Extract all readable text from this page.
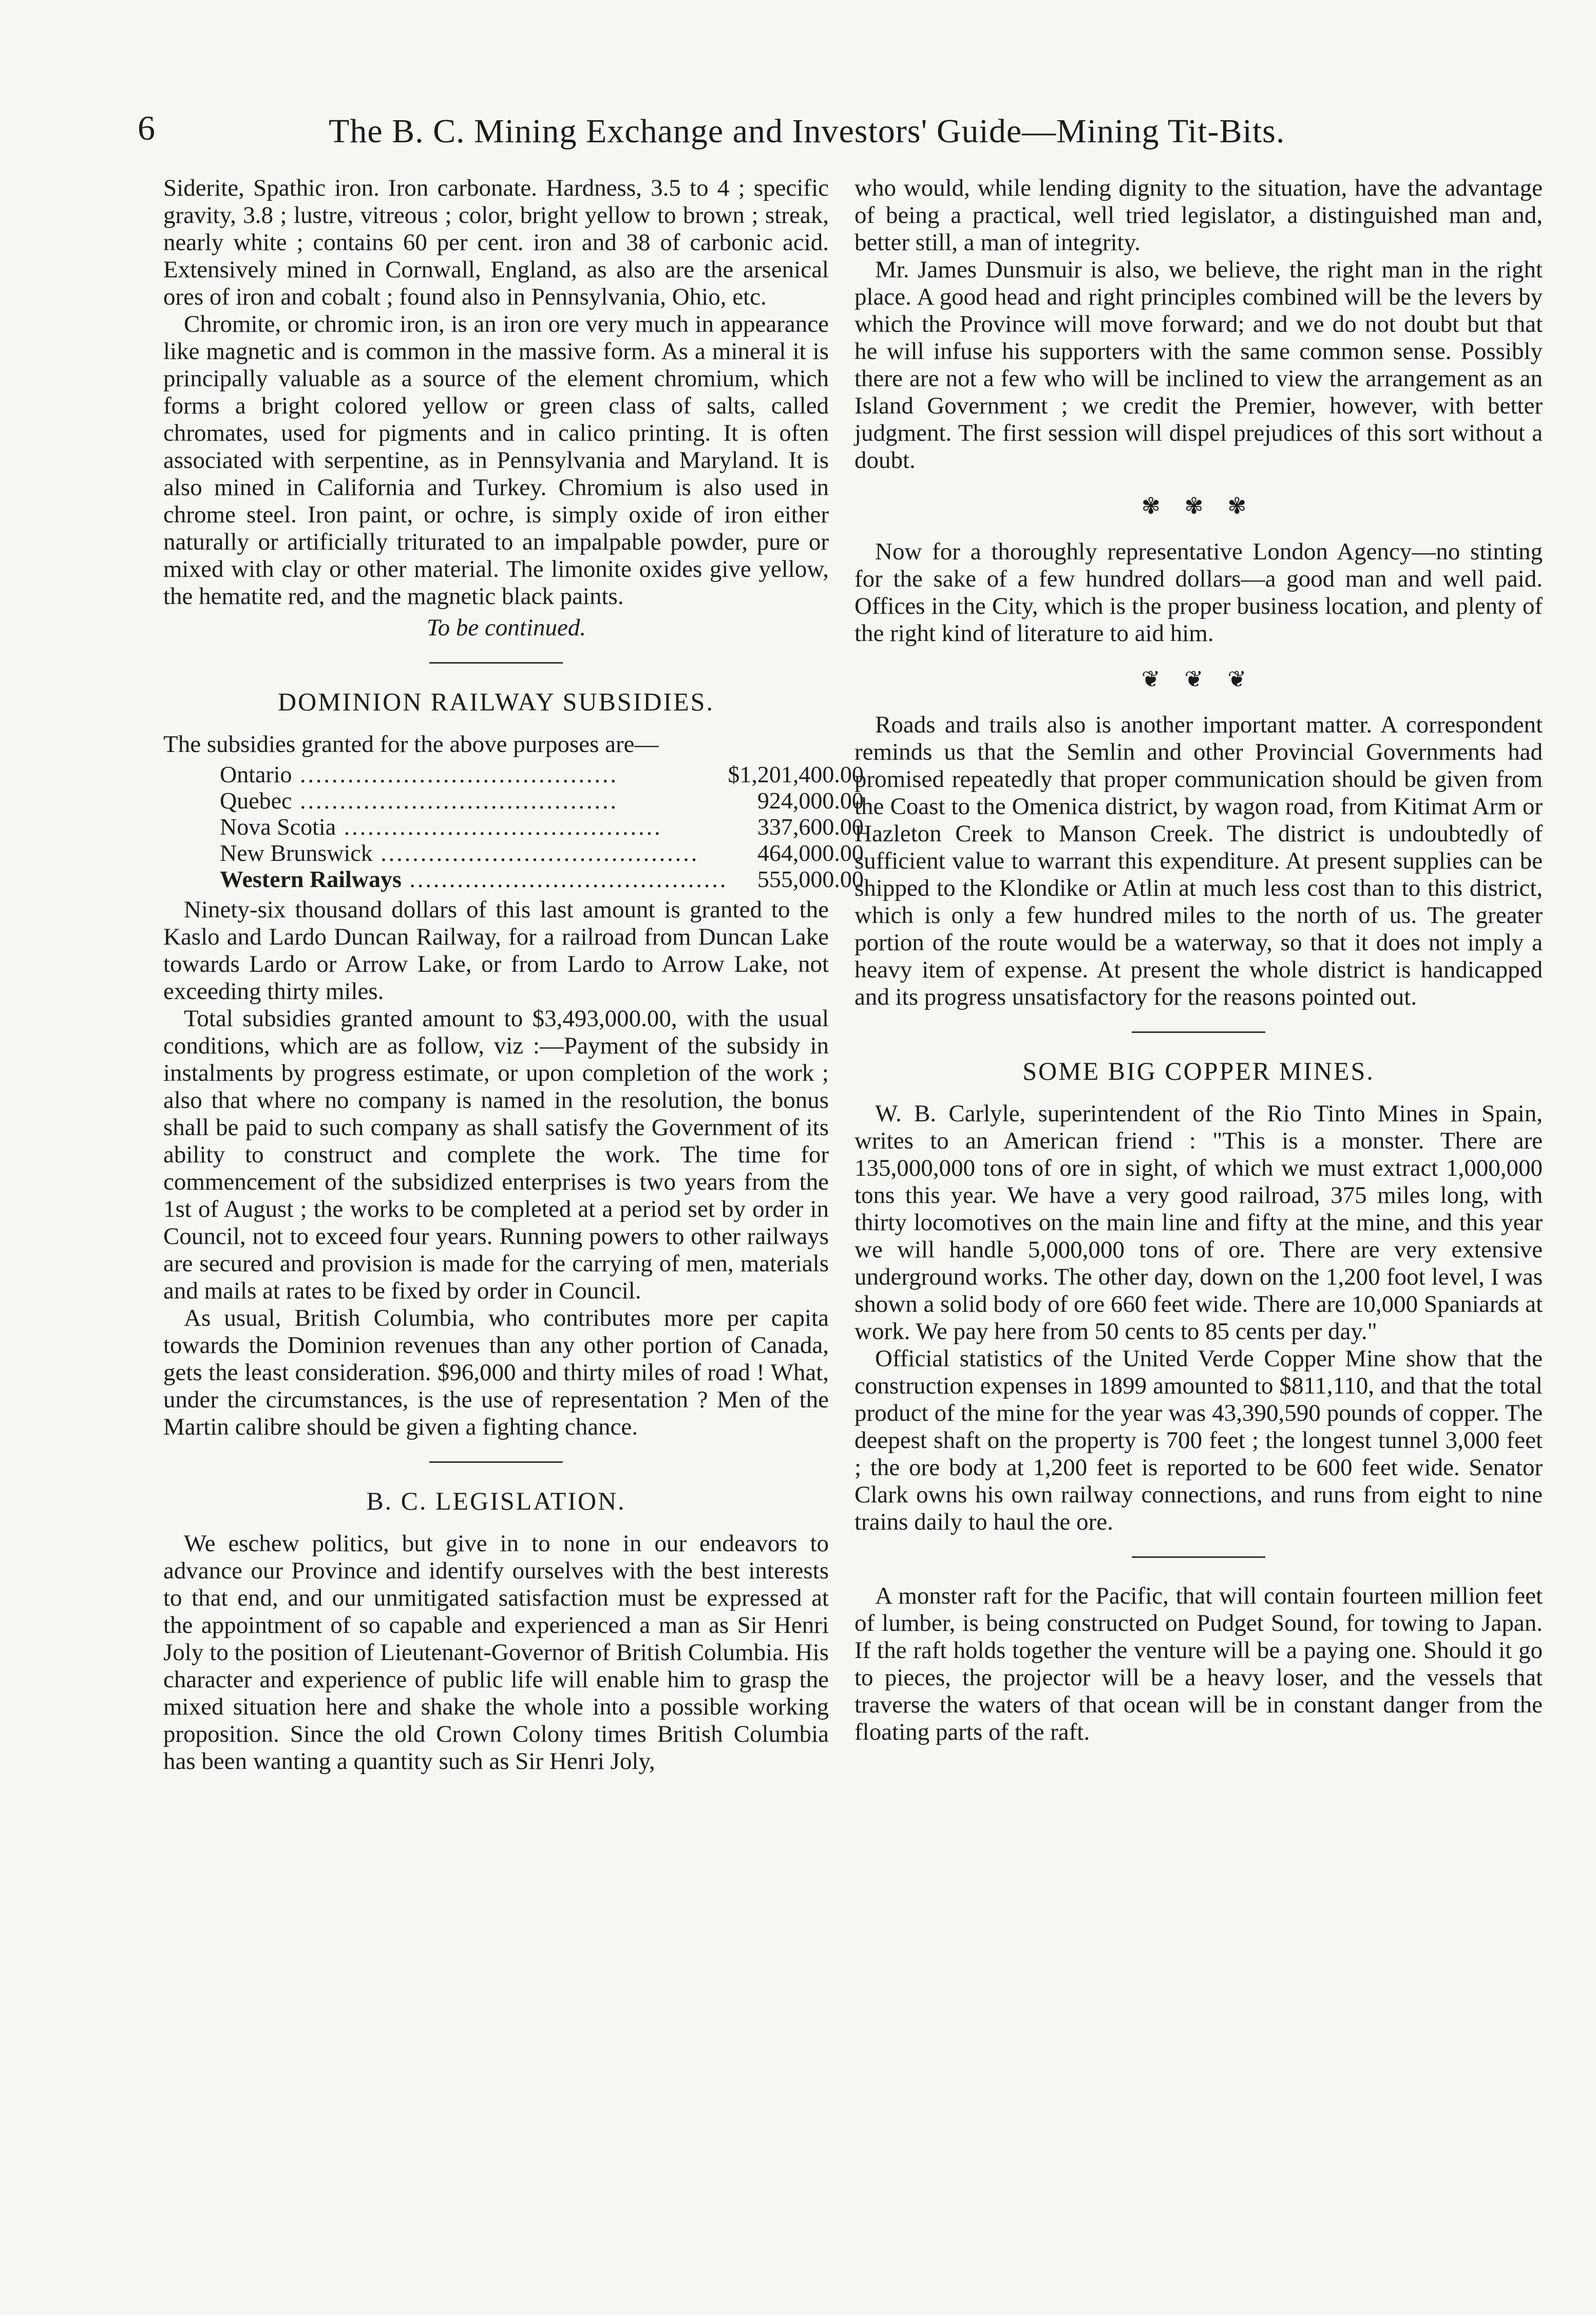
6	The B. C. Mining Exchange and Investors' Guide—Mining Tit-Bits.

Siderite, Spathic iron. Iron carbonate. Hardness, 3.5 to 4 ; specific gravity, 3.8 ; lustre, vitreous ; color, bright yellow to brown ; streak, nearly white ; contains 60 per cent. iron and 38 of carbonic acid. Extensively mined in Cornwall, England, as also are the arsenical ores of iron and cobalt ; found also in Pennsylvania, Ohio, etc.

Chromite, or chromic iron, is an iron ore very much in appearance like magnetic and is common in the massive form. As a mineral it is principally valuable as a source of the element chromium, which forms a bright colored yellow or green class of salts, called chromates, used for pigments and in calico printing. It is often associated with serpentine, as in Pennsylvania and Maryland. It is also mined in California and Turkey. Chromium is also used in chrome steel. Iron paint, or ochre, is simply oxide of iron either naturally or artificially triturated to an impalpable powder, pure or mixed with clay or other material. The limonite oxides give yellow, the hematite red, and the magnetic black paints.

To be continued.

DOMINION RAILWAY SUBSIDIES.

The subsidies granted for the above purposes are—

Ontario ........................................	$1,201,400.00
Quebec ........................................	924,000.00
Nova Scotia ........................................	337,600.00
New Brunswick ........................................	464,000.00
Western Railways ........................................	555,000.00

Ninety-six thousand dollars of this last amount is granted to the Kaslo and Lardo Duncan Railway, for a railroad from Duncan Lake towards Lardo or Arrow Lake, or from Lardo to Arrow Lake, not exceeding thirty miles.

Total subsidies granted amount to $3,493,000.00, with the usual conditions, which are as follow, viz :—Payment of the subsidy in instalments by progress estimate, or upon completion of the work ; also that where no company is named in the resolution, the bonus shall be paid to such company as shall satisfy the Government of its ability to construct and complete the work. The time for commencement of the subsidized enterprises is two years from the 1st of August ; the works to be completed at a period set by order in Council, not to exceed four years. Running powers to other railways are secured and provision is made for the carrying of men, materials and mails at rates to be fixed by order in Council.

As usual, British Columbia, who contributes more per capita towards the Dominion revenues than any other portion of Canada, gets the least consideration. $96,000 and thirty miles of road ! What, under the circumstances, is the use of representation ? Men of the Martin calibre should be given a fighting chance.

B. C. LEGISLATION.

We eschew politics, but give in to none in our endeavors to advance our Province and identify ourselves with the best interests to that end, and our unmitigated satisfaction must be expressed at the appointment of so capable and experienced a man as Sir Henri Joly to the position of Lieutenant-Governor of British Columbia. His character and experience of public life will enable him to grasp the mixed situation here and shake the whole into a possible working proposition. Since the old Crown Colony times British Columbia has been wanting a quantity such as Sir Henri Joly,

who would, while lending dignity to the situation, have the advantage of being a practical, well tried legislator, a distinguished man and, better still, a man of integrity.

Mr. James Dunsmuir is also, we believe, the right man in the right place. A good head and right principles combined will be the levers by which the Province will move forward; and we do not doubt but that he will infuse his supporters with the same common sense. Possibly there are not a few who will be inclined to view the arrangement as an Island Government ; we credit the Premier, however, with better judgment. The first session will dispel prejudices of this sort without a doubt.

✾ ✾ ✾

Now for a thoroughly representative London Agency—no stinting for the sake of a few hundred dollars—a good man and well paid. Offices in the City, which is the proper business location, and plenty of the right kind of literature to aid him.

❦ ❦ ❦

Roads and trails also is another important matter. A correspondent reminds us that the Semlin and other Provincial Governments had promised repeatedly that proper communication should be given from the Coast to the Omenica district, by wagon road, from Kitimat Arm or Hazleton Creek to Manson Creek. The district is undoubtedly of sufficient value to warrant this expenditure. At present supplies can be shipped to the Klondike or Atlin at much less cost than to this district, which is only a few hundred miles to the north of us. The greater portion of the route would be a waterway, so that it does not imply a heavy item of expense. At present the whole district is handicapped and its progress unsatisfactory for the reasons pointed out.

SOME BIG COPPER MINES.

W. B. Carlyle, superintendent of the Rio Tinto Mines in Spain, writes to an American friend : "This is a monster. There are 135,000,000 tons of ore in sight, of which we must extract 1,000,000 tons this year. We have a very good railroad, 375 miles long, with thirty locomotives on the main line and fifty at the mine, and this year we will handle 5,000,000 tons of ore. There are very extensive underground works. The other day, down on the 1,200 foot level, I was shown a solid body of ore 660 feet wide. There are 10,000 Spaniards at work. We pay here from 50 cents to 85 cents per day."

Official statistics of the United Verde Copper Mine show that the construction expenses in 1899 amounted to $811,110, and that the total product of the mine for the year was 43,390,590 pounds of copper. The deepest shaft on the property is 700 feet ; the longest tunnel 3,000 feet ; the ore body at 1,200 feet is reported to be 600 feet wide. Senator Clark owns his own railway connections, and runs from eight to nine trains daily to haul the ore.

A monster raft for the Pacific, that will contain fourteen million feet of lumber, is being constructed on Pudget Sound, for towing to Japan. If the raft holds together the venture will be a paying one. Should it go to pieces, the projector will be a heavy loser, and the vessels that traverse the waters of that ocean will be in constant danger from the floating parts of the raft.
